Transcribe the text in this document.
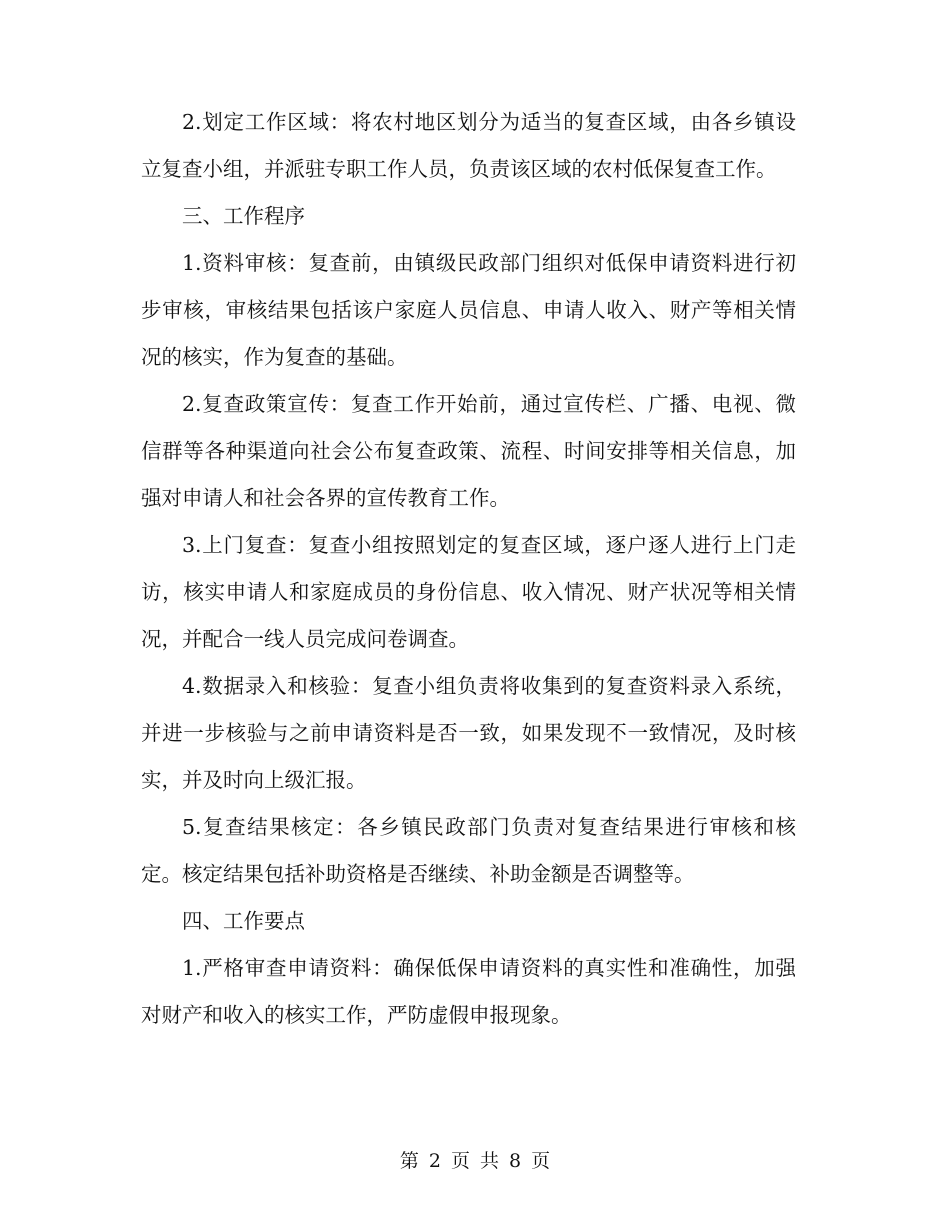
2.划定工作区域：将农村地区划分为适当的复查区域，由各乡镇设立复查小组，并派驻专职工作人员，负责该区域的农村低保复查工作。

三、工作程序

1.资料审核：复查前，由镇级民政部门组织对低保申请资料进行初步审核，审核结果包括该户家庭人员信息、申请人收入、财产等相关情况的核实，作为复查的基础。

2.复查政策宣传：复查工作开始前，通过宣传栏、广播、电视、微信群等各种渠道向社会公布复查政策、流程、时间安排等相关信息，加强对申请人和社会各界的宣传教育工作。

3.上门复查：复查小组按照划定的复查区域，逐户逐人进行上门走访，核实申请人和家庭成员的身份信息、收入情况、财产状况等相关情况，并配合一线人员完成问卷调查。

4.数据录入和核验：复查小组负责将收集到的复查资料录入系统，并进一步核验与之前申请资料是否一致，如果发现不一致情况，及时核实，并及时向上级汇报。

5.复查结果核定：各乡镇民政部门负责对复查结果进行审核和核定。核定结果包括补助资格是否继续、补助金额是否调整等。

四、工作要点

1.严格审查申请资料：确保低保申请资料的真实性和准确性，加强对财产和收入的核实工作，严防虚假申报现象。

第 2 页 共 8 页
